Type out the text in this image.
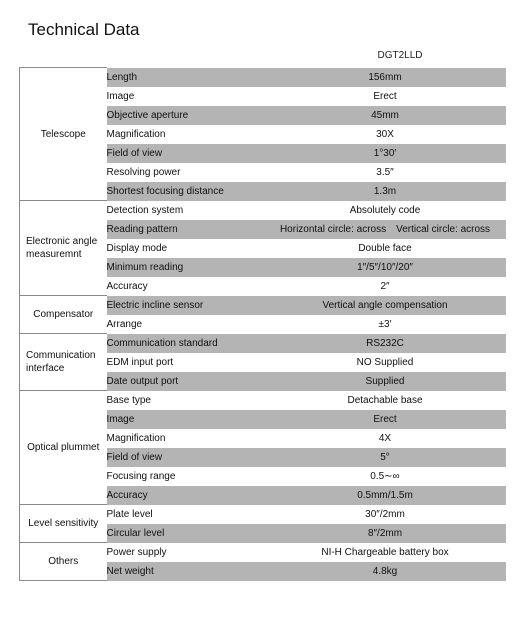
Technical Data
DGT2LLD
Telescope	Length	156mm
	Image	Erect
	Objective aperture	45mm
	Magnification	30X
	Field of view	1°30′
	Resolving power	3.5″
	Shortest focusing distance	1.3m
Electronic angle measuremnt	Detection system	Absolutely code
	Reading pattern	Horizontal circle: across Vertical circle: across
	Display mode	Double face
	Minimum reading	1″/5″/10″/20″
	Accuracy	2″
Compensator	Electric incline sensor	Vertical angle compensation
	Arrange	±3′
Communication interface	Communication standard	RS232C
	EDM input port	NO Supplied
	Date output port	Supplied
Optical plummet	Base type	Detachable base
	Image	Erect
	Magnification	4X
	Field of view	5°
	Focusing range	0.5∼∞
	Accuracy	0.5mm/1.5m
Level sensitivity	Plate level	30″/2mm
	Circular level	8″/2mm
Others	Power supply	NI-H Chargeable battery box
	Net weight	4.8kg
